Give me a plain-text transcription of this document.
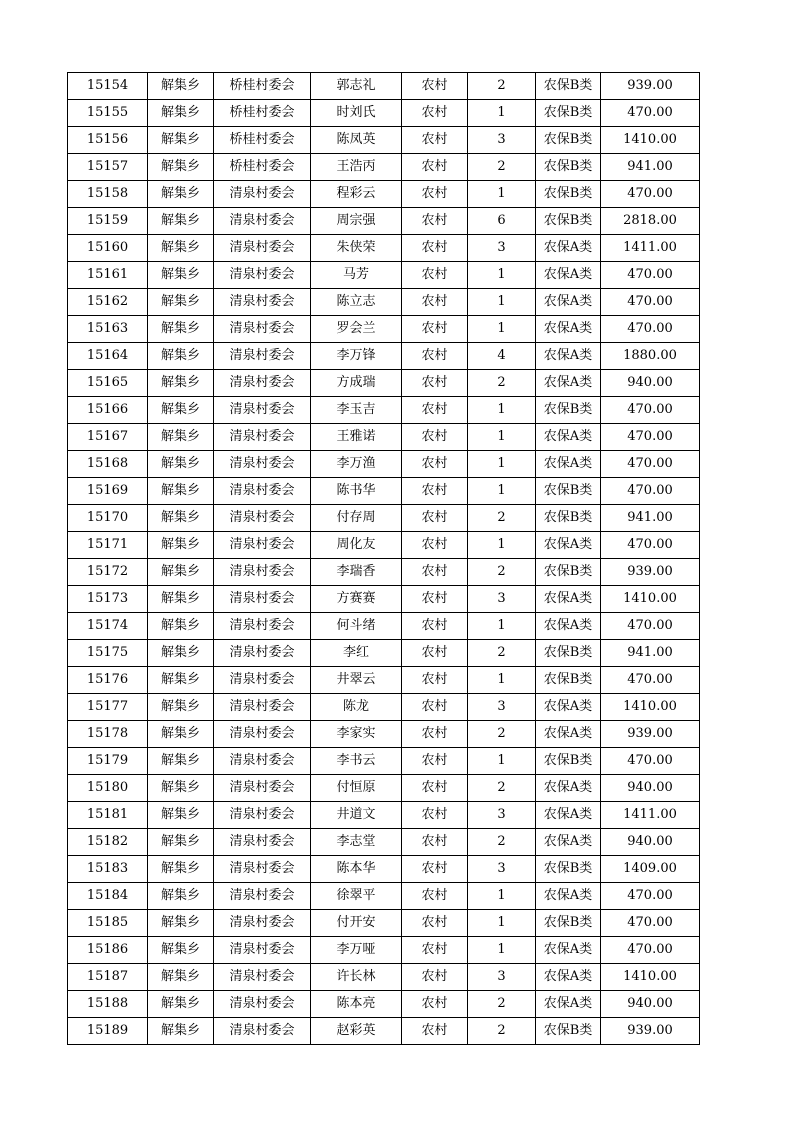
15154	解集乡	桥桂村委会	郭志礼	农村	2	农保B类	939.00
15155	解集乡	桥桂村委会	时刘氏	农村	1	农保B类	470.00
15156	解集乡	桥桂村委会	陈凤英	农村	3	农保B类	1410.00
15157	解集乡	桥桂村委会	王浩丙	农村	2	农保B类	941.00
15158	解集乡	清泉村委会	程彩云	农村	1	农保B类	470.00
15159	解集乡	清泉村委会	周宗强	农村	6	农保B类	2818.00
15160	解集乡	清泉村委会	朱侠荣	农村	3	农保A类	1411.00
15161	解集乡	清泉村委会	马芳	农村	1	农保A类	470.00
15162	解集乡	清泉村委会	陈立志	农村	1	农保A类	470.00
15163	解集乡	清泉村委会	罗会兰	农村	1	农保A类	470.00
15164	解集乡	清泉村委会	李万锋	农村	4	农保A类	1880.00
15165	解集乡	清泉村委会	方成瑞	农村	2	农保A类	940.00
15166	解集乡	清泉村委会	李玉吉	农村	1	农保B类	470.00
15167	解集乡	清泉村委会	王雅诺	农村	1	农保A类	470.00
15168	解集乡	清泉村委会	李万渔	农村	1	农保A类	470.00
15169	解集乡	清泉村委会	陈书华	农村	1	农保B类	470.00
15170	解集乡	清泉村委会	付存周	农村	2	农保B类	941.00
15171	解集乡	清泉村委会	周化友	农村	1	农保A类	470.00
15172	解集乡	清泉村委会	李瑞香	农村	2	农保B类	939.00
15173	解集乡	清泉村委会	方赛赛	农村	3	农保A类	1410.00
15174	解集乡	清泉村委会	何斗绪	农村	1	农保A类	470.00
15175	解集乡	清泉村委会	李红	农村	2	农保B类	941.00
15176	解集乡	清泉村委会	井翠云	农村	1	农保B类	470.00
15177	解集乡	清泉村委会	陈龙	农村	3	农保A类	1410.00
15178	解集乡	清泉村委会	李家实	农村	2	农保A类	939.00
15179	解集乡	清泉村委会	李书云	农村	1	农保B类	470.00
15180	解集乡	清泉村委会	付恒原	农村	2	农保A类	940.00
15181	解集乡	清泉村委会	井道文	农村	3	农保A类	1411.00
15182	解集乡	清泉村委会	李志堂	农村	2	农保A类	940.00
15183	解集乡	清泉村委会	陈本华	农村	3	农保B类	1409.00
15184	解集乡	清泉村委会	徐翠平	农村	1	农保A类	470.00
15185	解集乡	清泉村委会	付开安	农村	1	农保B类	470.00
15186	解集乡	清泉村委会	李万哑	农村	1	农保A类	470.00
15187	解集乡	清泉村委会	许长林	农村	3	农保A类	1410.00
15188	解集乡	清泉村委会	陈本亮	农村	2	农保A类	940.00
15189	解集乡	清泉村委会	赵彩英	农村	2	农保B类	939.00
